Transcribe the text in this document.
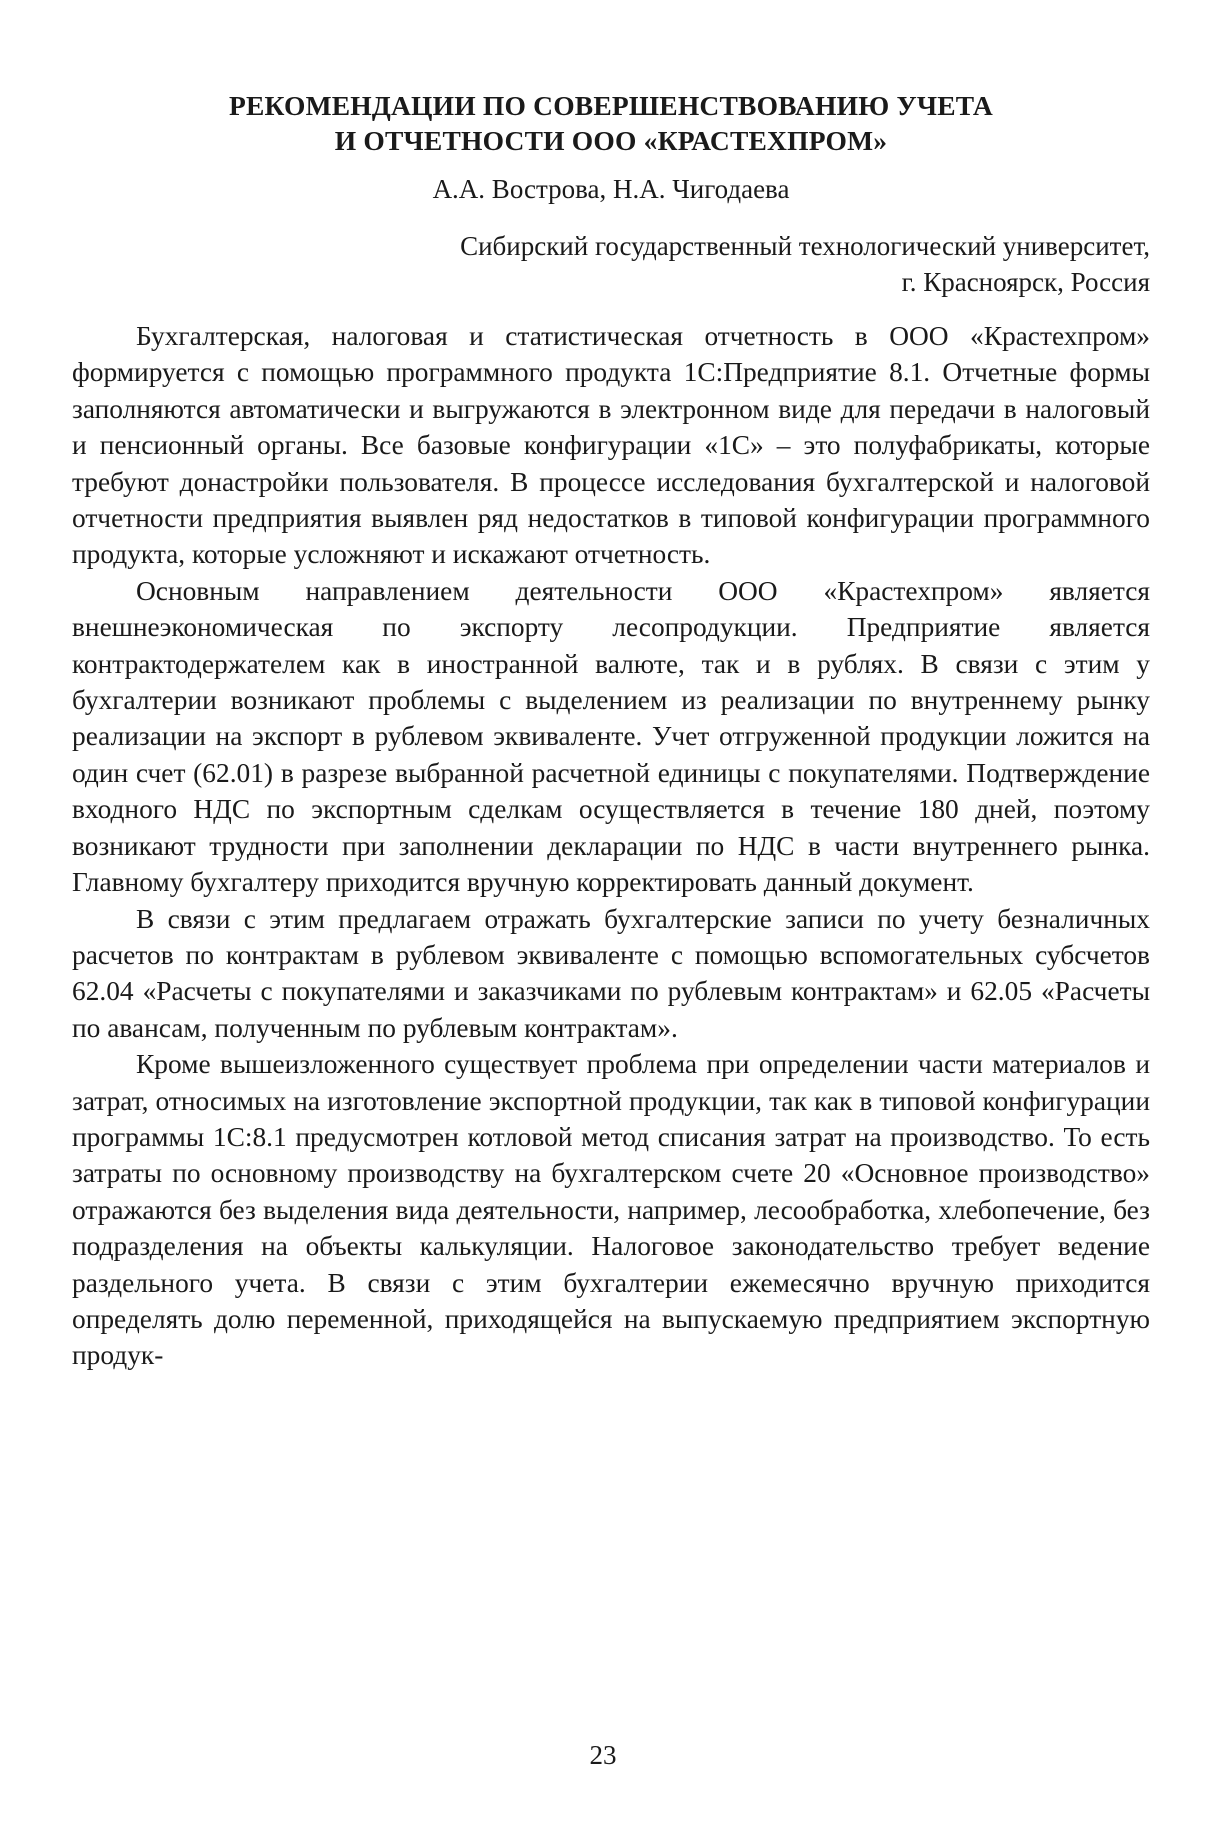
РЕКОМЕНДАЦИИ ПО СОВЕРШЕНСТВОВАНИЮ УЧЕТА
И ОТЧЕТНОСТИ ООО «КРАСТЕХПРОМ»
А.А. Вострова, Н.А. Чигодаева
Сибирский государственный технологический университет,
г. Красноярск, Россия

Бухгалтерская, налоговая и статистическая отчетность в ООО «Крастехпром» формируется с помощью программного продукта 1С:Предприятие 8.1. Отчетные формы заполняются автоматически и выгружаются в электронном виде для передачи в налоговый и пенсионный органы. Все базовые конфигурации «1С» – это полуфабрикаты, которые требуют донастройки пользователя. В процессе исследования бухгалтерской и налоговой отчетности предприятия выявлен ряд недостатков в типовой конфигурации программного продукта, которые усложняют и искажают отчетность.

Основным направлением деятельности ООО «Крастехпром» является внешнеэкономическая по экспорту лесопродукции. Предприятие является контрактодержателем как в иностранной валюте, так и в рублях. В связи с этим у бухгалтерии возникают проблемы с выделением из реализации по внутреннему рынку реализации на экспорт в рублевом эквиваленте. Учет отгруженной продукции ложится на один счет (62.01) в разрезе выбранной расчетной единицы с покупателями. Подтверждение входного НДС по экспортным сделкам осуществляется в течение 180 дней, поэтому возникают трудности при заполнении декларации по НДС в части внутреннего рынка. Главному бухгалтеру приходится вручную корректировать данный документ.

В связи с этим предлагаем отражать бухгалтерские записи по учету безналичных расчетов по контрактам в рублевом эквиваленте с помощью вспомогательных субсчетов 62.04 «Расчеты с покупателями и заказчиками по рублевым контрактам» и 62.05 «Расчеты по авансам, полученным по рублевым контрактам».

Кроме вышеизложенного существует проблема при определении части материалов и затрат, относимых на изготовление экспортной продукции, так как в типовой конфигурации программы 1С:8.1 предусмотрен котловой метод списания затрат на производство. То есть затраты по основному производству на бухгалтерском счете 20 «Основное производство» отражаются без выделения вида деятельности, например, лесообработка, хлебопечение, без подразделения на объекты калькуляции. Налоговое законодательство требует ведение раздельного учета. В связи с этим бухгалтерии ежемесячно вручную приходится определять долю переменной, приходящейся на выпускаемую предприятием экспортную продук-

23
